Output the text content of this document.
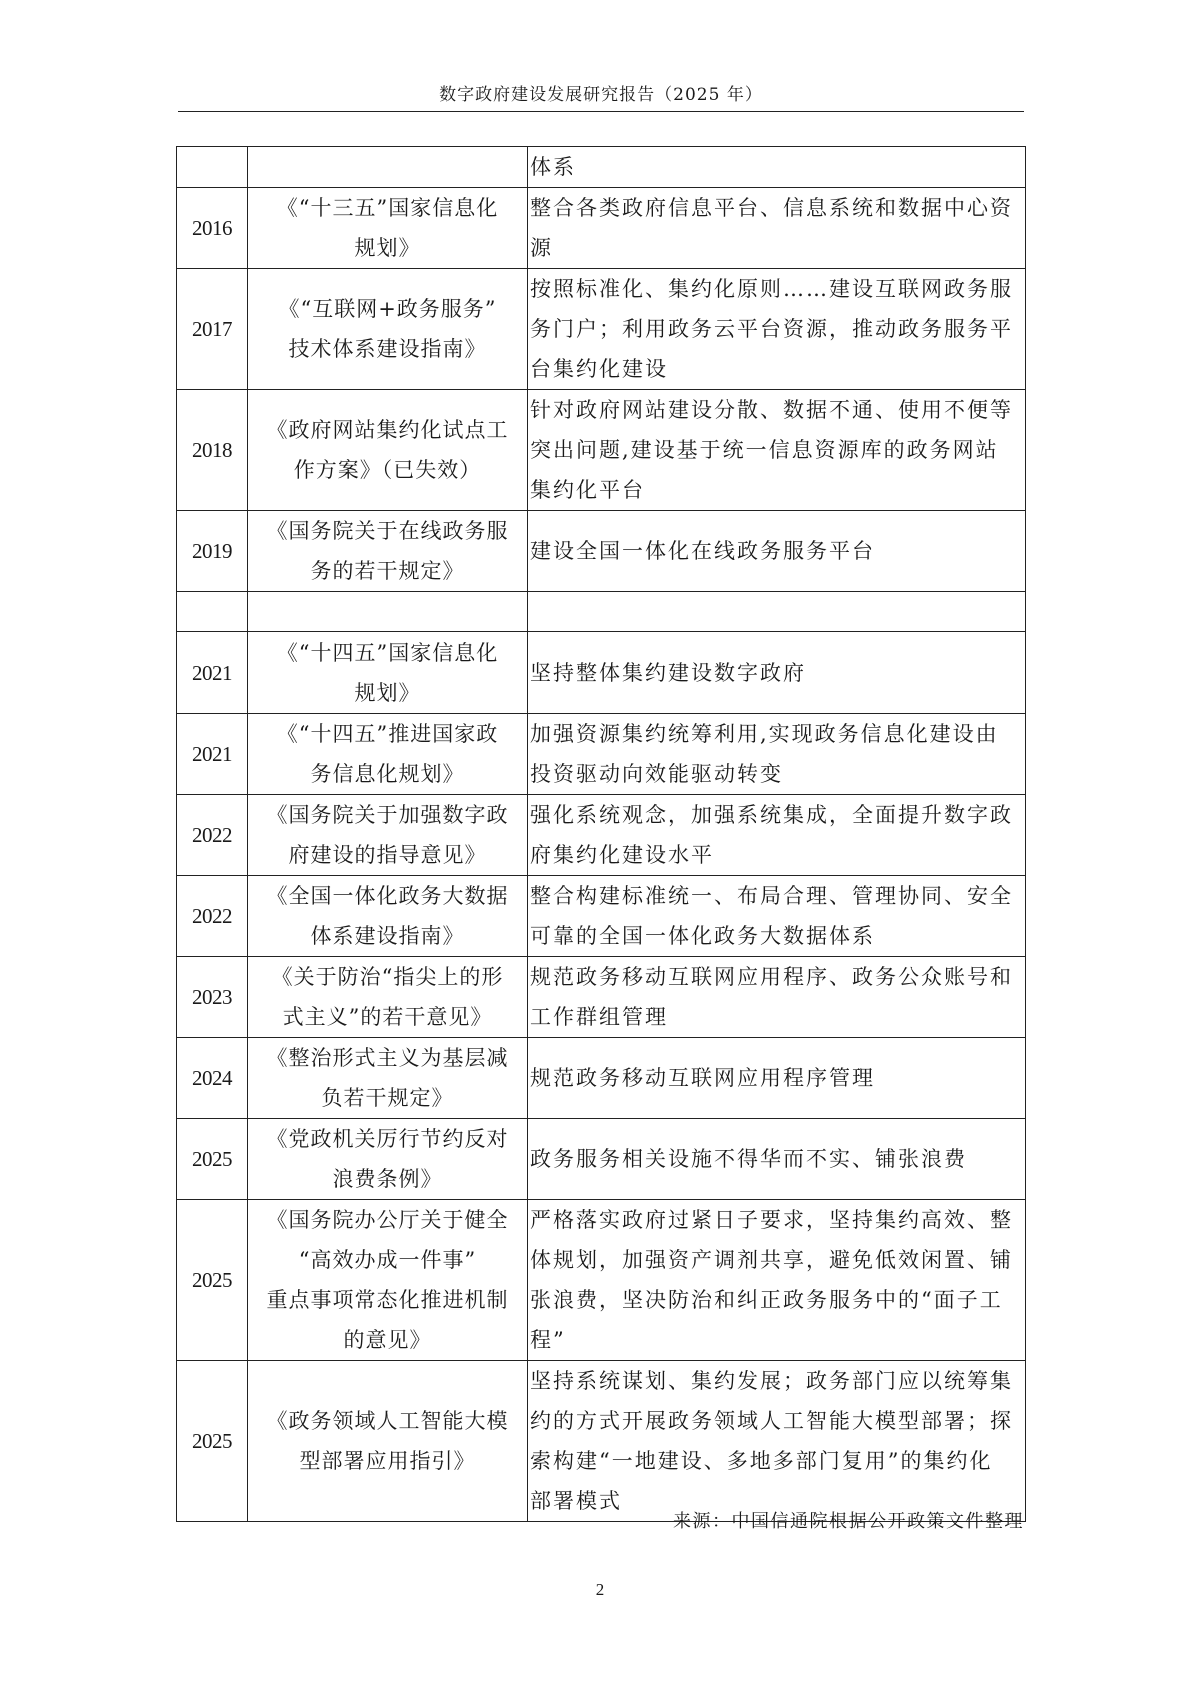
数字政府建设发展研究报告（2025 年）

		体系

2016	《“十三五”国家信息化
规划》	整合各类政府信息平台、信息系统和数据中心资
源

2017	《“互联网+政务服务”
技术体系建设指南》	按照标准化、集约化原则……建设互联网政务服
务门户；利用政务云平台资源，推动政务服务平
台集约化建设

2018	《政府网站集约化试点工
作方案》（已失效）	针对政府网站建设分散、数据不通、使用不便等
突出问题,建设基于统一信息资源库的政务网站
集约化平台

2019	《国务院关于在线政务服
务的若干规定》	建设全国一体化在线政务服务平台

2021	《“十四五”国家信息化
规划》	坚持整体集约建设数字政府

2021	《“十四五”推进国家政
务信息化规划》	加强资源集约统筹利用,实现政务信息化建设由
投资驱动向效能驱动转变

2022	《国务院关于加强数字政
府建设的指导意见》	强化系统观念，加强系统集成，全面提升数字政
府集约化建设水平

2022	《全国一体化政务大数据
体系建设指南》	整合构建标准统一、布局合理、管理协同、安全
可靠的全国一体化政务大数据体系

2023	《关于防治“指尖上的形
式主义”的若干意见》	规范政务移动互联网应用程序、政务公众账号和
工作群组管理

2024	《整治形式主义为基层减
负若干规定》	规范政务移动互联网应用程序管理

2025	《党政机关厉行节约反对
浪费条例》	政务服务相关设施不得华而不实、铺张浪费

2025	《国务院办公厅关于健全
“高效办成一件事”
重点事项常态化推进机制
的意见》	严格落实政府过紧日子要求，坚持集约高效、整
体规划，加强资产调剂共享，避免低效闲置、铺
张浪费，坚决防治和纠正政务服务中的“面子工
程”

2025	《政务领域人工智能大模
型部署应用指引》	坚持系统谋划、集约发展；政务部门应以统筹集
约的方式开展政务领域人工智能大模型部署；探
索构建“一地建设、多地多部门复用”的集约化
部署模式
来源：中国信通院根据公开政策文件整理
2
